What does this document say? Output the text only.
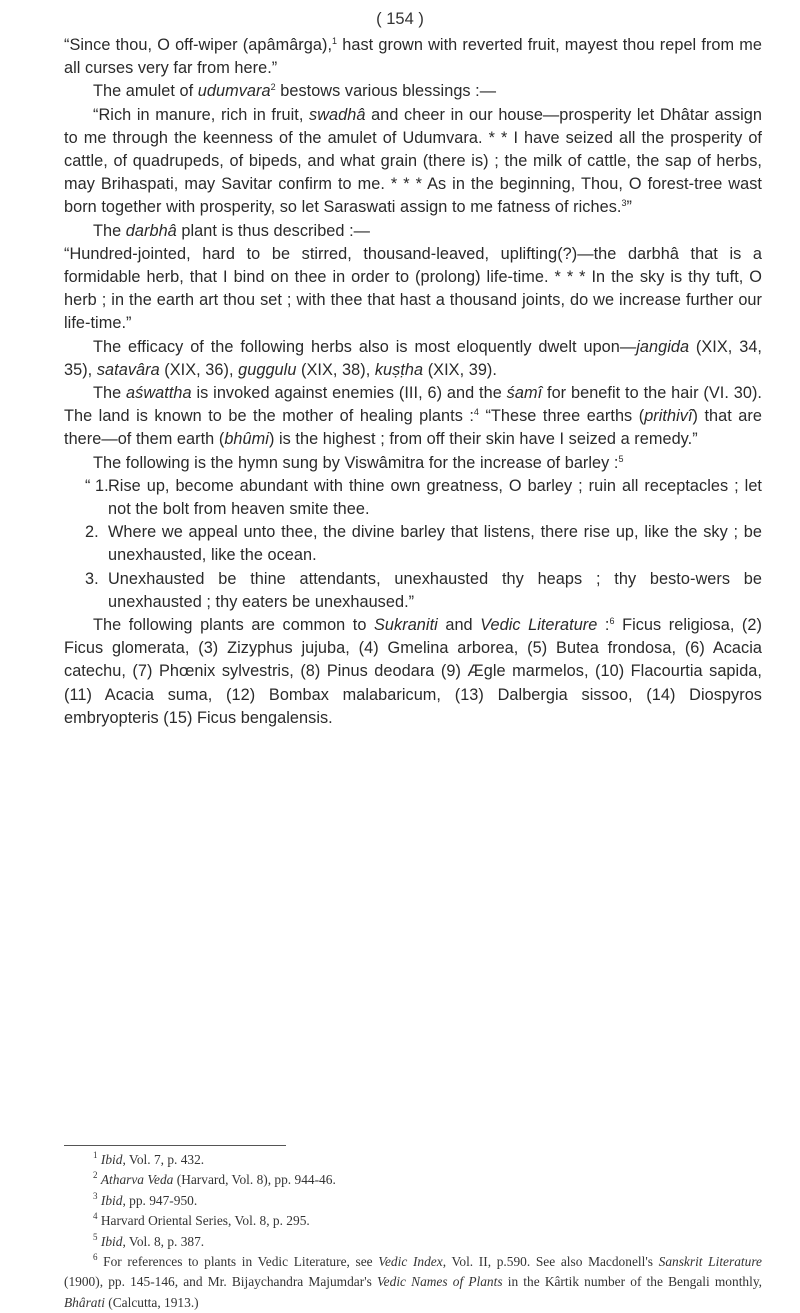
( 154 )

“Since thou, O off-wiper (apâmârga),$^1$ hast grown with reverted fruit, mayest thou repel from me all curses very far from here.”

The amulet of udumvara$^2$ bestows various blessings :—

“Rich in manure, rich in fruit, swadhâ and cheer in our house—prosperity let Dhâtar assign to me through the keenness of the amulet of Udumvara. * * I have seized all the prosperity of cattle, of quadrupeds, of bipeds, and what grain (there is) ; the milk of cattle, the sap of herbs, may Brihaspati, may Savitar confirm to me. * * * As in the beginning, Thou, O forest-tree wast born together with prosperity, so let Saraswati assign to me fatness of riches.$^3$”

The darbhâ plant is thus described :—

“Hundred-jointed, hard to be stirred, thousand-leaved, uplifting(?)—the darbhâ that is a formidable herb, that I bind on thee in order to (prolong) life-time. * * * In the sky is thy tuft, O herb ; in the earth art thou set ; with thee that hast a thousand joints, do we increase further our life-time.”

The efficacy of the following herbs also is most eloquently dwelt upon—jangida (XIX, 34, 35), satavâra (XIX, 36), guggulu (XIX, 38), kuṣṭha (XIX, 39).

The aśwattha is invoked against enemies (III, 6) and the śamî for benefit to the hair (VI. 30). The land is known to be the mother of healing plants :$^4$ “These three earths (prithivî) that are there—of them earth (bhûmi) is the highest ; from off their skin have I seized a remedy.”

The following is the hymn sung by Viswâmitra for the increase of barley :$^5$

“ 1. Rise up, become abundant with thine own greatness, O barley ; ruin all receptacles ; let not the bolt from heaven smite thee.
2. Where we appeal unto thee, the divine barley that listens, there rise up, like the sky ; be unexhausted, like the ocean.
3. Unexhausted be thine attendants, unexhausted thy heaps ; thy besto-wers be unexhausted ; thy eaters be unexhaused.”

The following plants are common to Sukraniti and Vedic Literature :$^6$ Ficus religiosa, (2) Ficus glomerata, (3) Zizyphus jujuba, (4) Gmelina arborea, (5) Butea frondosa, (6) Acacia catechu, (7) Phœnix sylvestris, (8) Pinus deodara (9) Ægle marmelos, (10) Flacourtia sapida, (11) Acacia suma, (12) Bombax malabaricum, (13) Dalbergia sissoo, (14) Diospyros embryopteris (15) Ficus bengalensis.

$^1$ Ibid, Vol. 7, p. 432.

$^2$ Atharva Veda (Harvard, Vol. 8), pp. 944-46.

$^3$ Ibid, pp. 947-950.

$^4$ Harvard Oriental Series, Vol. 8, p. 295.

$^5$ Ibid, Vol. 8, p. 387.

$^6$ For references to plants in Vedic Literature, see Vedic Index, Vol. II, p.590. See also Macdonell's Sanskrit Literature (1900), pp. 145-146, and Mr. Bijaychandra Majumdar's Vedic Names of Plants in the Kârtik number of the Bengali monthly, Bhârati (Calcutta, 1913.)
